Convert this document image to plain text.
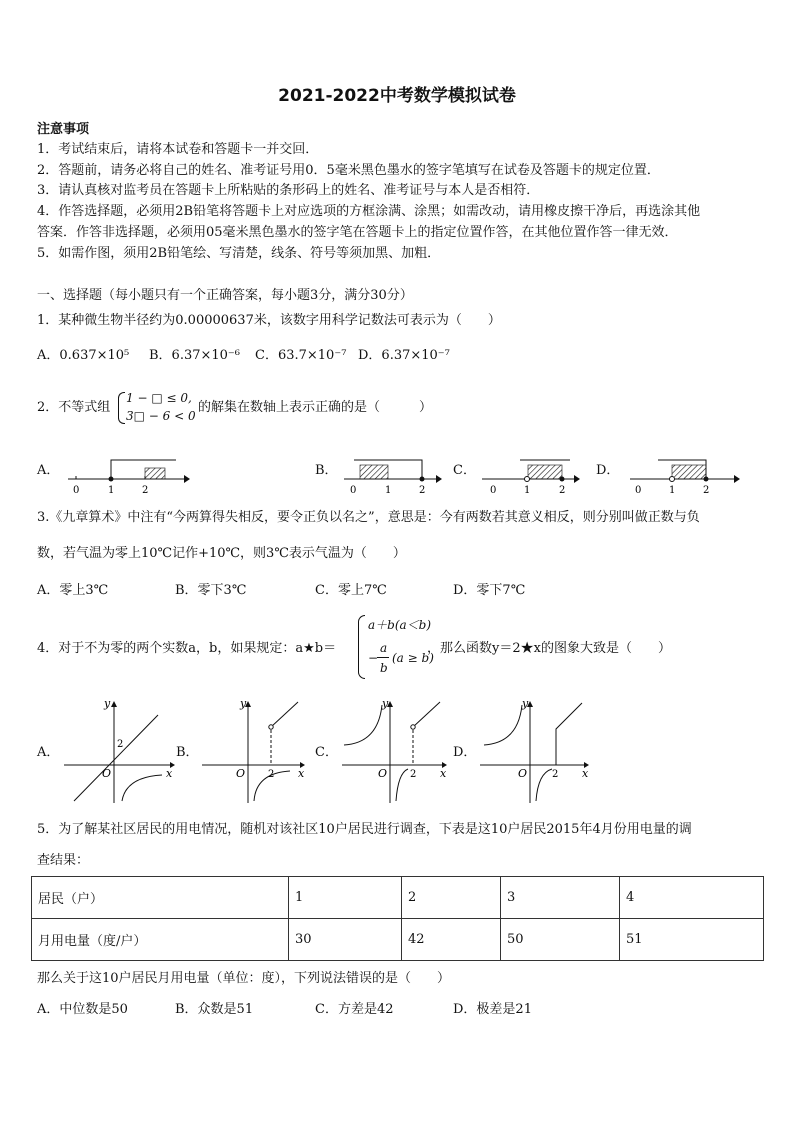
2021-2022中考数学模拟试卷
注意事项
1．考试结束后，请将本试卷和答题卡一并交回．
2．答题前，请务必将自己的姓名、准考证号用0．5毫米黑色墨水的签字笔填写在试卷及答题卡的规定位置．
3．请认真核对监考员在答题卡上所粘贴的条形码上的姓名、准考证号与本人是否相符．
4．作答选择题，必须用2B铅笔将答题卡上对应选项的方框涂满、涂黑；如需改动，请用橡皮擦干净后，再选涂其他
答案．作答非选择题，必须用05毫米黑色墨水的签字笔在答题卡上的指定位置作答，在其他位置作答一律无效．
5．如需作图，须用2B铅笔绘、写清楚，线条、符号等须加黑、加粗．
一、选择题（每小题只有一个正确答案，每小题3分，满分30分）
1．某种微生物半径约为0.00000637米，该数字用科学记数法可表示为（　　）
A．0.637×10⁵ B．6.37×10⁻⁶ C．63.7×10⁻⁷ D．6.37×10⁻⁷
2．不等式组
1 − □ ≤ 0,
3□ − 6 < 0
的解集在数轴上表示正确的是（　　　）
A．	B．	C．	D．
0	1	2	0	1	2	0	1	2	0	1	2
3.《九章算术》中注有“今两算得失相反，要令正负以名之”，意思是：今有两数若其意义相反，则分别叫做正数与负
数，若气温为零上10℃记作+10℃，则3℃表示气温为（　　）
A．零上3℃	B．零下3℃	C．零上7℃	D．零下7℃
4．对于不为零的两个实数a，b，如果规定：a★b＝
a＋b(a＜b)
−
a
b
(a ≥ b)
，那么函数y＝2★x的图象大致是（　　）
A．	B．	C．	D．
y
x
O
2
y
x
O 2
y
x
O 2
y
x
O 2
5．为了解某社区居民的用电情况，随机对该社区10户居民进行调查，下表是这10户居民2015年4月份用电量的调
查结果：
居民（户）	1	2	3	4
月用电量（度/户）	30	42	50	51
那么关于这10户居民月用电量（单位：度），下列说法错误的是（　　）
A．中位数是50	B．众数是51	C．方差是42	D．极差是21
